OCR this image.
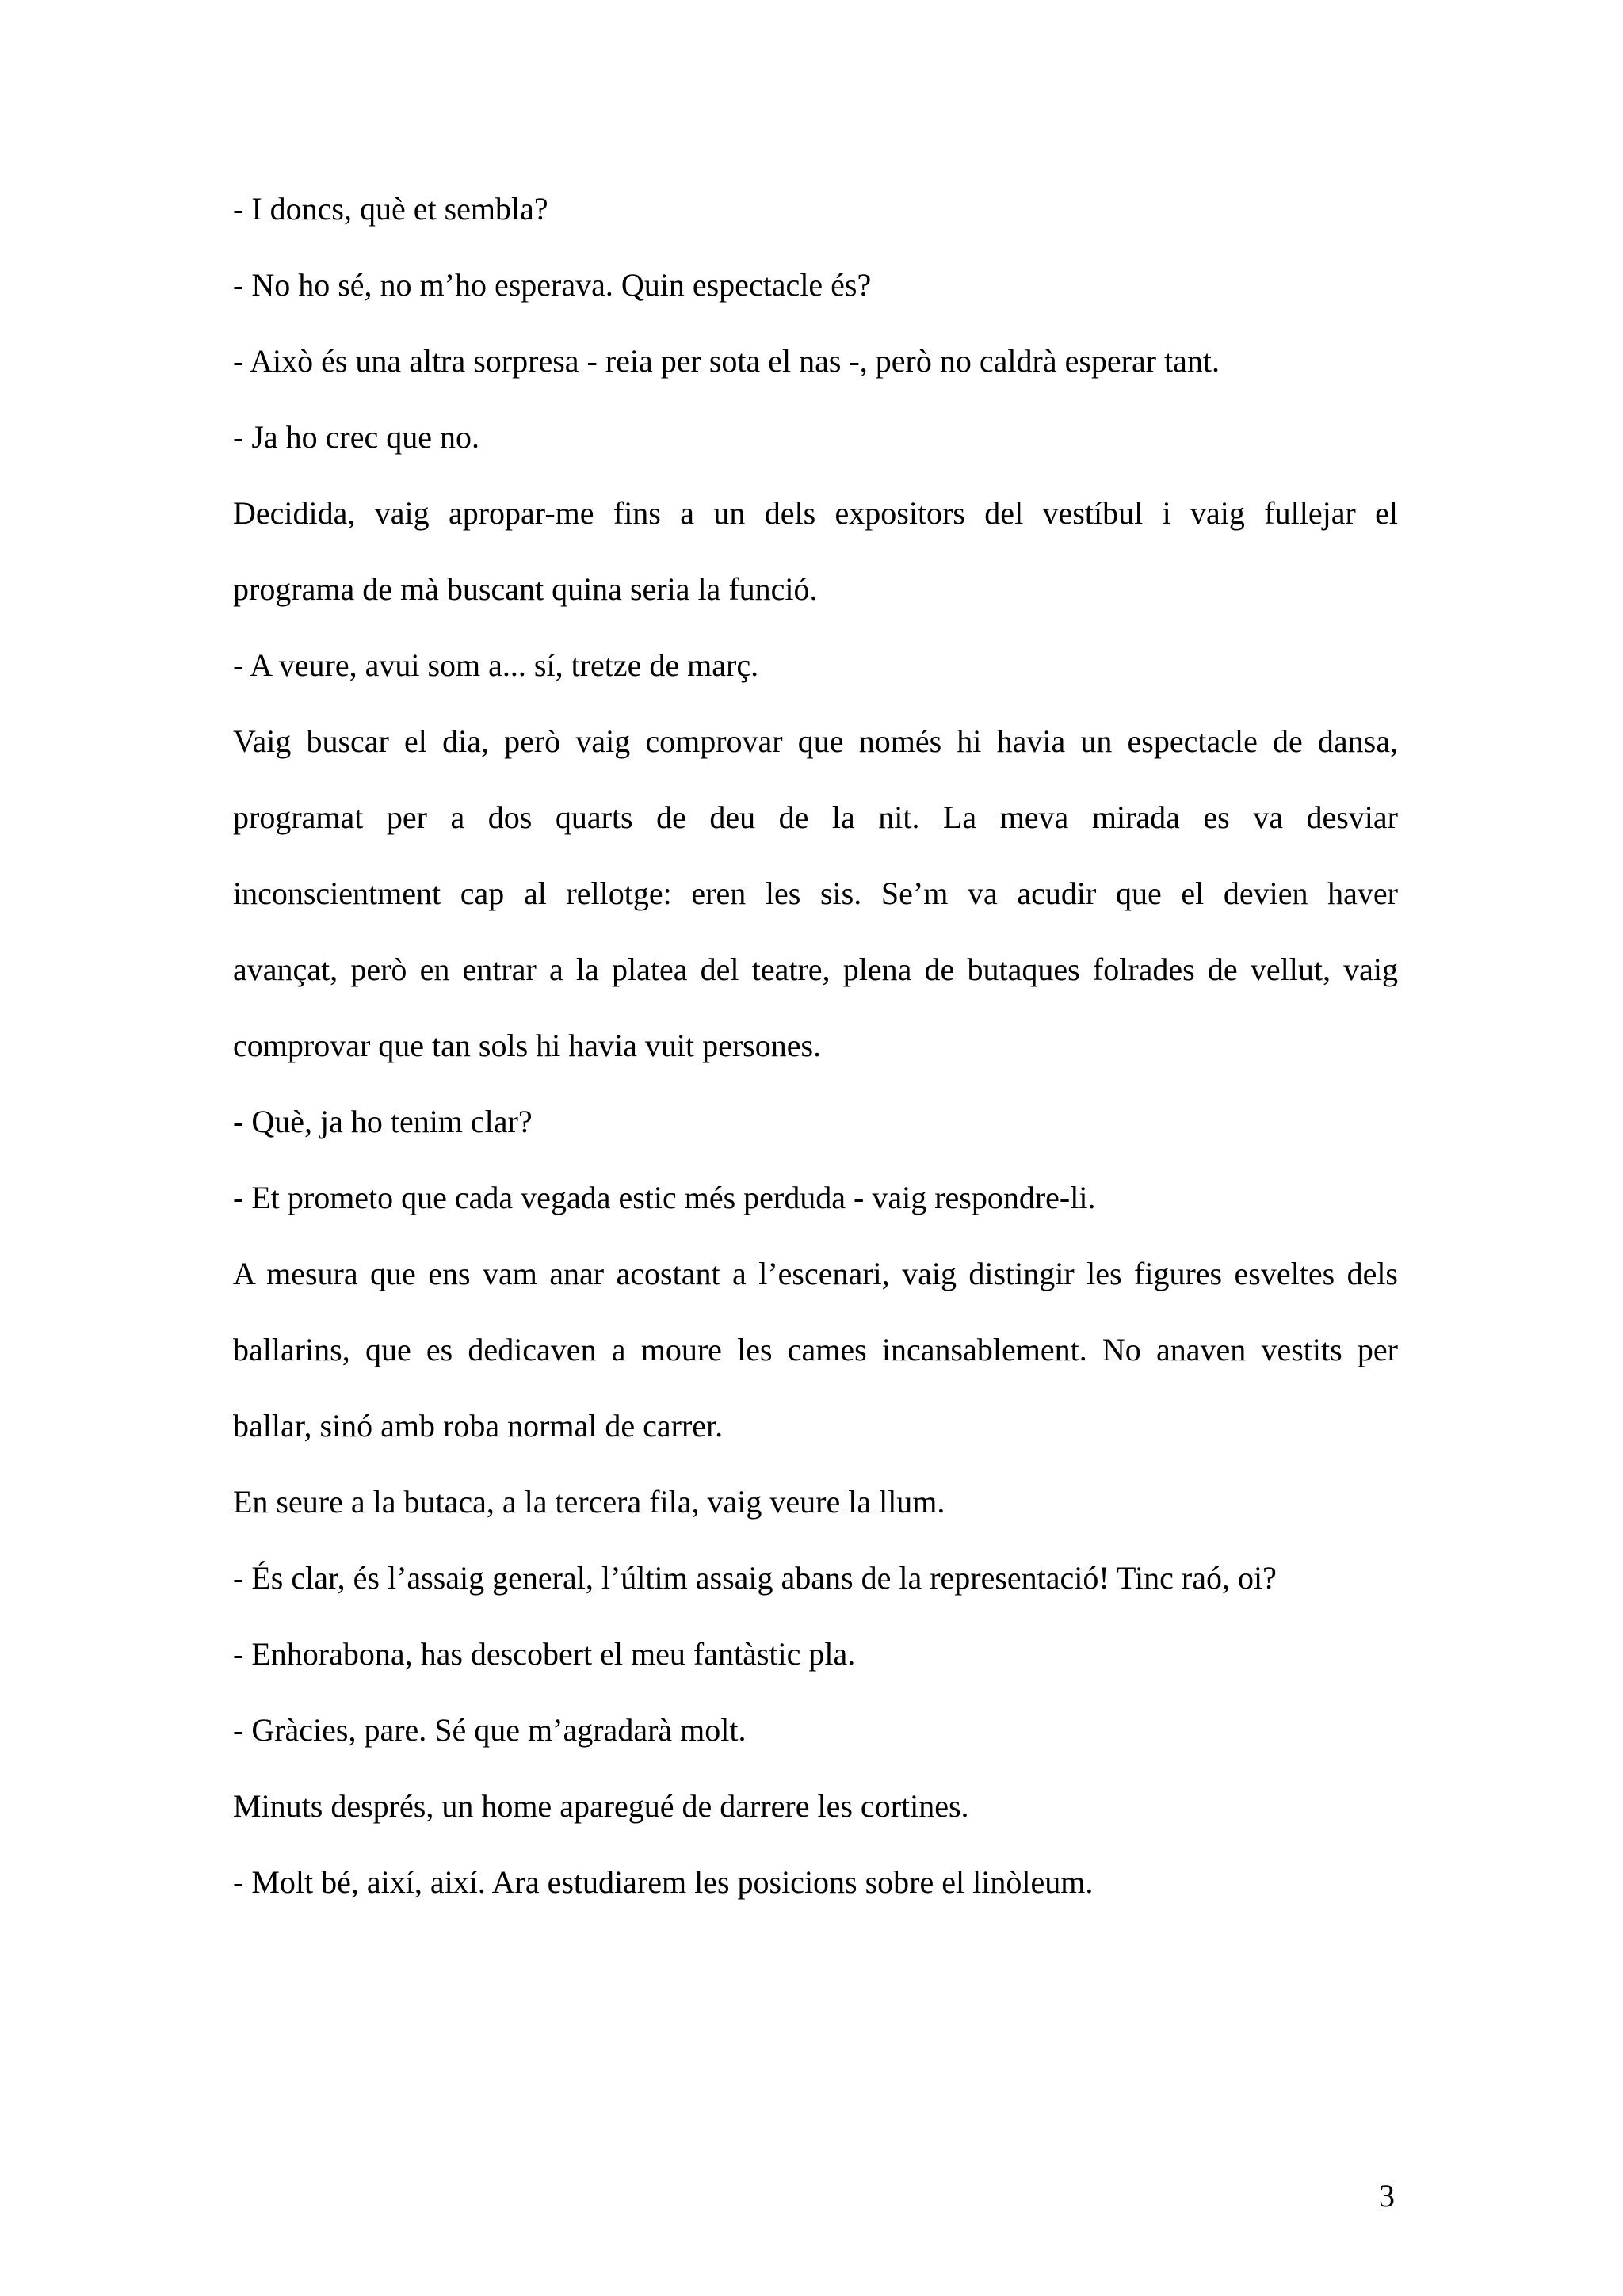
- I doncs, què et sembla?
- No ho sé, no m’ho esperava. Quin espectacle és?
- Això és una altra sorpresa - reia per sota el nas -, però no caldrà esperar tant.
- Ja ho crec que no.
Decidida, vaig apropar-me fins a un dels expositors del vestíbul i vaig fullejar el
programa de mà buscant quina seria la funció.
- A veure, avui som a... sí, tretze de març.
Vaig buscar el dia, però vaig comprovar que només hi havia un espectacle de dansa,
programat per a dos quarts de deu de la nit. La meva mirada es va desviar
inconscientment cap al rellotge: eren les sis. Se’m va acudir que el devien haver
avançat, però en entrar a la platea del teatre, plena de butaques folrades de vellut, vaig
comprovar que tan sols hi havia vuit persones.
- Què, ja ho tenim clar?
- Et prometo que cada vegada estic més perduda - vaig respondre-li.
A mesura que ens vam anar acostant a l’escenari, vaig distingir les figures esveltes dels
ballarins, que es dedicaven a moure les cames incansablement. No anaven vestits per
ballar, sinó amb roba normal de carrer.
En seure a la butaca, a la tercera fila, vaig veure la llum.
- És clar, és l’assaig general, l’últim assaig abans de la representació! Tinc raó, oi?
- Enhorabona, has descobert el meu fantàstic pla.
- Gràcies, pare. Sé que m’agradarà molt.
Minuts després, un home aparegué de darrere les cortines.
- Molt bé, així, així. Ara estudiarem les posicions sobre el linòleum.
3
